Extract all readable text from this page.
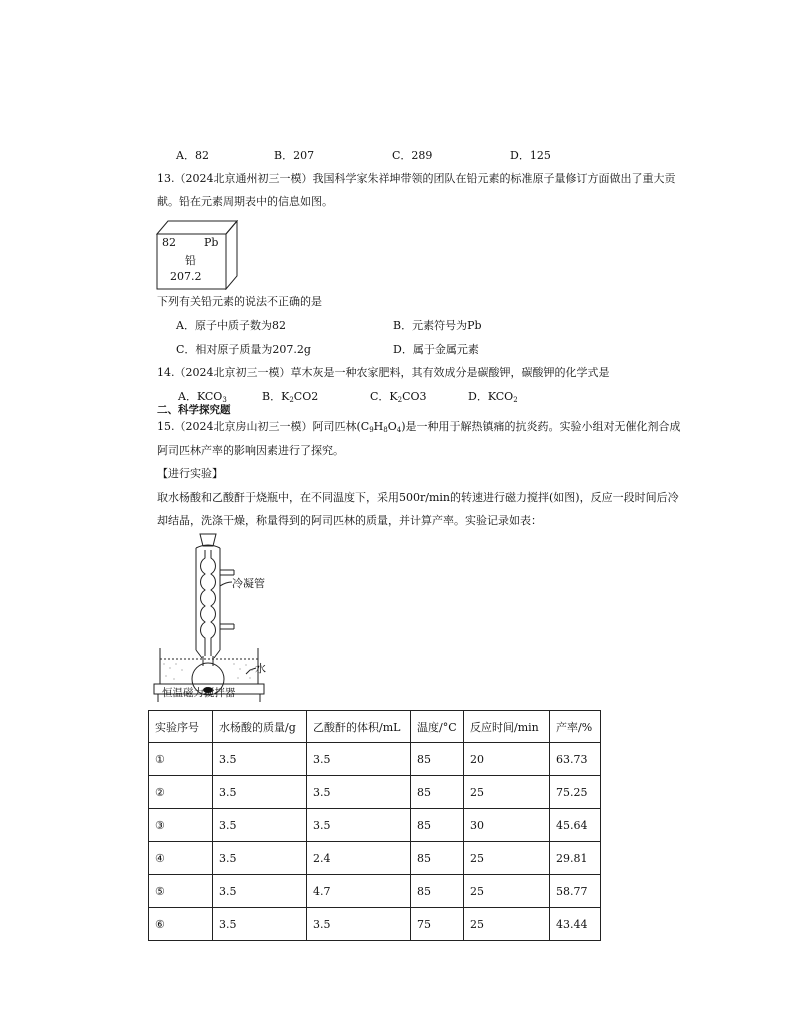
A．82	B．207	C．289	D．125
13.（2024北京通州初三一模）我国科学家朱祥坤带领的团队在铅元素的标准原子量修订方面做出了重大贡
献。铅在元素周期表中的信息如图。
82	Pb
铅
207.2
下列有关铅元素的说法不正确的是
A．原子中质子数为82	B．元素符号为Pb
C．相对原子质量为207.2g	D．属于金属元素
14.（2024北京初三一模）草木灰是一种农家肥料，其有效成分是碳酸钾，碳酸钾的化学式是
A．$KCO_3$	B．$K_2CO2$	C．$K_2CO3$	D．$KCO_2$
二、科学探究题
15.（2024北京房山初三一模）阿司匹林$(C_9H_8O_4)$是一种用于解热镇痛的抗炎药。实验小组对无催化剂合成
阿司匹林产率的影响因素进行了探究。
【进行实验】
取水杨酸和乙酸酐于烧瓶中，在不同温度下，采用500r/min的转速进行磁力搅拌(如图)，反应一段时间后冷
却结晶，洗涤干燥，称量得到的阿司匹林的质量，并计算产率。实验记录如表：
冷凝管
水
恒温磁力搅拌器
实验序号	水杨酸的质量/g	乙酸酐的体积/mL	温度/°C	反应时间/min	产率/%
①	3.5	3.5	85	20	63.73
②	3.5	3.5	85	25	75.25
③	3.5	3.5	85	30	45.64
④	3.5	2.4	85	25	29.81
⑤	3.5	4.7	85	25	58.77
⑥	3.5	3.5	75	25	43.44
